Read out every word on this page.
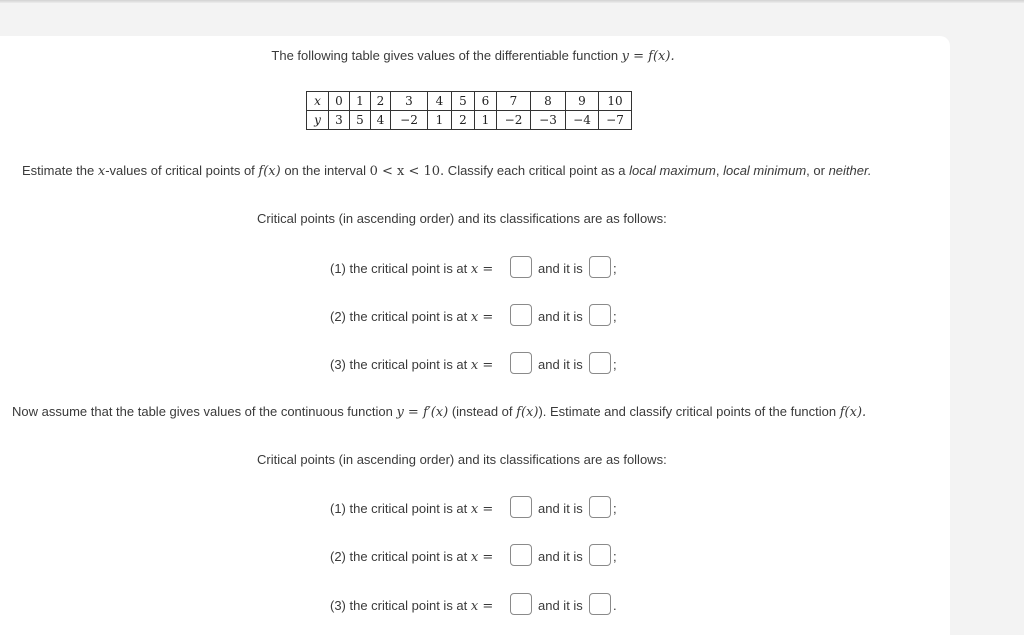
The following table gives values of the differentiable function y = f(x).
x	0	1	2	3	4	5	6	7	8	9	10
y	3	5	4	−2	1	2	1	−2	−3	−4	−7
Estimate the x-values of critical points of f(x) on the interval 0 < x < 10. Classify each critical point as a local maximum, local minimum, or neither.
Critical points (in ascending order) and its classifications are as follows:
(1) the critical point is at x =	and it is ;
(2) the critical point is at x =	and it is ;
(3) the critical point is at x =	and it is ;
Now assume that the table gives values of the continuous function y = f′(x) (instead of f(x)). Estimate and classify critical points of the function f(x).
Critical points (in ascending order) and its classifications are as follows:
(1) the critical point is at x =	and it is ;
(2) the critical point is at x =	and it is ;
(3) the critical point is at x =	and it is .
